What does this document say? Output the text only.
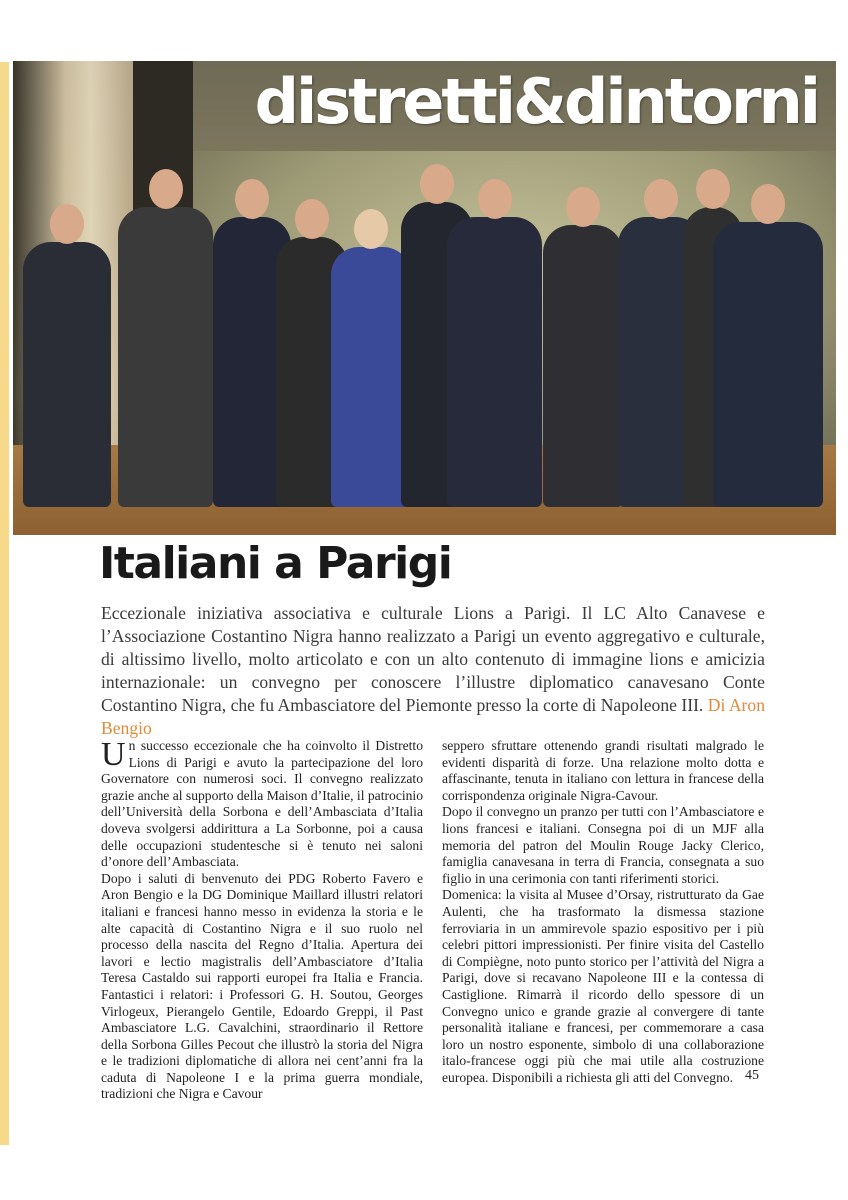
distretti&dintorni
Italiani a Parigi
Eccezionale iniziativa associativa e culturale Lions a Parigi. Il LC Alto Canavese e l’Associazione Costantino Nigra hanno realizzato a Parigi un evento aggregativo e culturale, di altissimo livello, molto articolato e con un alto contenuto di immagine lions e amicizia internazionale: un convegno per conoscere l’illustre diplomatico canavesano Conte Costantino Nigra, che fu Ambasciatore del Piemonte presso la corte di Napoleone III. Di Aron Bengio

Un successo eccezionale che ha coinvolto il Distretto Lions di Parigi e avuto la partecipazione del loro Governatore con numerosi soci. Il convegno realizzato grazie anche al supporto della Maison d’Italie, il patrocinio dell’Università della Sorbona e dell’Ambasciata d’Italia doveva svolgersi addirittura a La Sorbonne, poi a causa delle occupazioni studentesche si è tenuto nei saloni d’onore dell’Ambasciata.

Dopo i saluti di benvenuto dei PDG Roberto Favero e Aron Bengio e la DG Dominique Maillard illustri relatori italiani e francesi hanno messo in evidenza la storia e le alte capacità di Costantino Nigra e il suo ruolo nel processo della nascita del Regno d’Italia. Apertura dei lavori e lectio magistralis dell’Ambasciatore d’Italia Teresa Castaldo sui rapporti europei fra Italia e Francia. Fantastici i relatori: i Professori G. H. Soutou, Georges Virlogeux, Pierangelo Gentile, Edoardo Greppi, il Past Ambasciatore L.G. Cavalchini, straordinario il Rettore della Sorbona Gilles Pecout che illustrò la storia del Nigra e le tradizioni diplomatiche di allora nei cent’anni fra la caduta di Napoleone I e la prima guerra mondiale, tradizioni che Nigra e Cavour

seppero sfruttare ottenendo grandi risultati malgrado le evidenti disparità di forze. Una relazione molto dotta e affascinante, tenuta in italiano con lettura in francese della corrispondenza originale Nigra-Cavour.

Dopo il convegno un pranzo per tutti con l’Ambasciatore e lions francesi e italiani. Consegna poi di un MJF alla memoria del patron del Moulin Rouge Jacky Clerico, famiglia canavesana in terra di Francia, consegnata a suo figlio in una cerimonia con tanti riferimenti storici.

Domenica: la visita al Musee d’Orsay, ristrutturato da Gae Aulenti, che ha trasformato la dismessa stazione ferroviaria in un ammirevole spazio espositivo per i più celebri pittori impressionisti. Per finire visita del Castello di Compiègne, noto punto storico per l’attività del Nigra a Parigi, dove si recavano Napoleone III e la contessa di Castiglione. Rimarrà il ricordo dello spessore di un Convegno unico e grande grazie al convergere di tante personalità italiane e francesi, per commemorare a casa loro un nostro esponente, simbolo di una collaborazione italo-francese oggi più che mai utile alla costruzione europea. Disponibili a richiesta gli atti del Convegno. 45
